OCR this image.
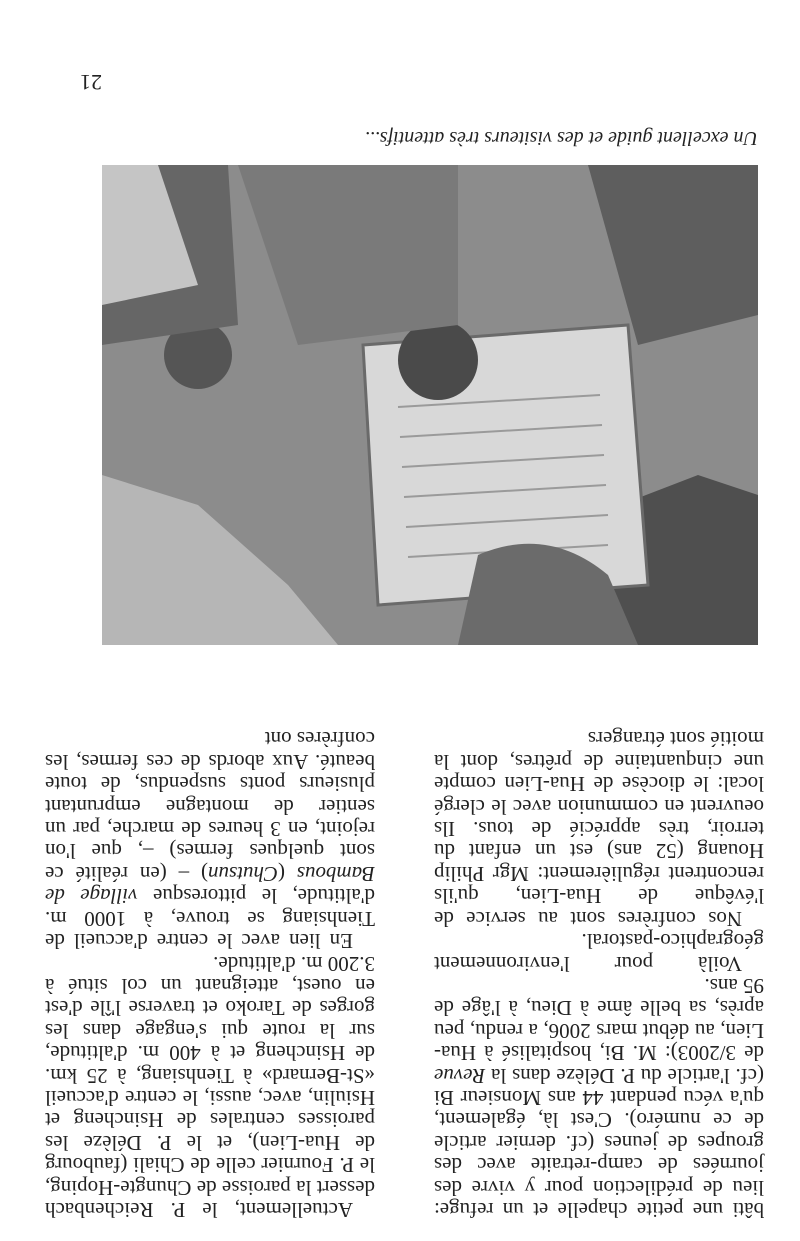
bâti une petite chapelle et un refuge: lieu de prédilection pour y vivre des journées de camp-retraite avec des groupes de jeunes (cf. dernier article de ce numéro). C'est là, également, qu'a vécu pendant 44 ans Monsieur Bi (cf. l'article du P. Délèze dans la Revue de 3/2003): M. Bi, hospitalisé à Hua-Lien, au début mars 2006, a rendu, peu après, sa belle âme à Dieu, à l'âge de 95 ans.

Voilà pour l'environnement géographico-pastoral.

Nos confrères sont au service de l'évêque de Hua-Lien, qu'ils rencontrent régulièrement: Mgr Philip Houang (52 ans) est un enfant du terroir, très apprécié de tous. Ils oeuvrent en communion avec le clergé local: le diocèse de Hua-Lien compte une cinquantaine de prêtres, dont la moitié sont étrangers

Actuellement, le P. Reichenbach dessert la paroisse de Chungte-Hoping, le P. Fournier celle de Chiali (faubourg de Hua-Lien), et le P. Délèze les paroisses centrales de Hsincheng et Hsiulin, avec, aussi, le centre d'accueil «St-Bernard» à Tienhsiang, à 25 km. de Hsincheng et à 400 m. d'altitude, sur la route qui s'engage dans les gorges de Taroko et traverse l'île d'est en ouest, atteignant un col situé à 3.200 m. d'altitude.

En lien avec le centre d'accueil de Tienhsiang se trouve, à 1000 m. d'altitude, le pittoresque village de Bambous (Chutsun) – (en réalité ce sont quelques fermes) –, que l'on rejoint, en 3 heures de marche, par un sentier de montagne empruntant plusieurs ponts suspendus, de toute beauté. Aux abords de ces fermes, les confrères ont

Un excellent guide et des visiteurs très attentifs...
21
